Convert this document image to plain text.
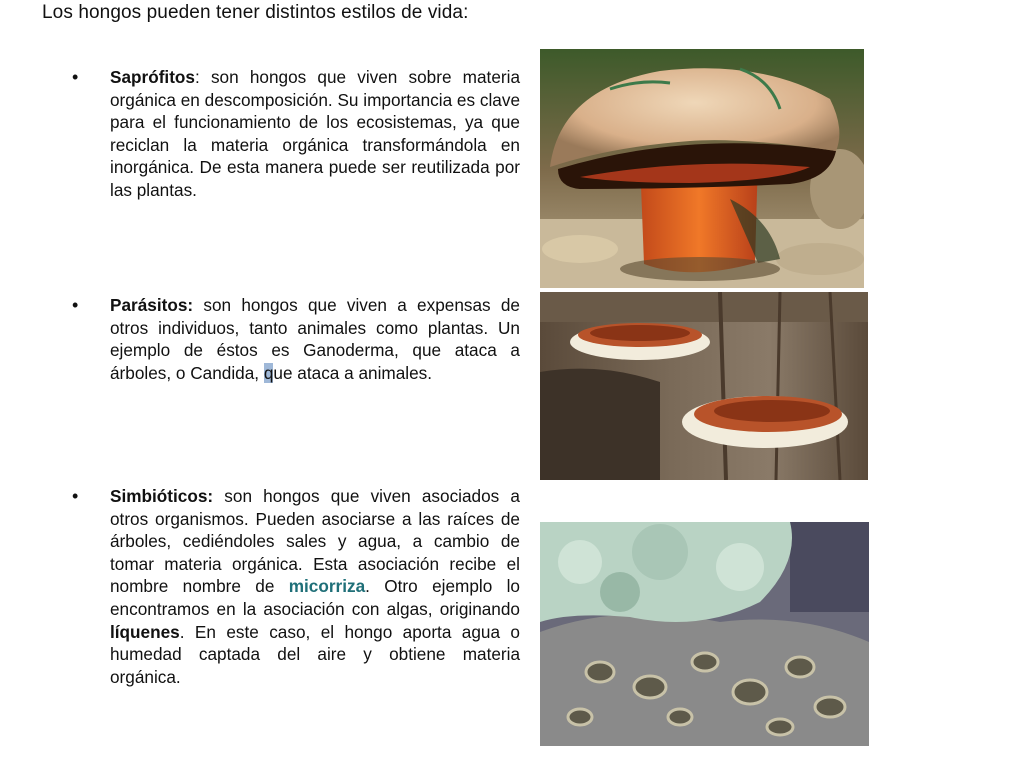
Los hongos pueden tener distintos estilos de vida:
• Saprófitos: son hongos que viven sobre materia orgánica en descomposición. Su importancia es clave para el funcionamiento de los ecosistemas, ya que reciclan la materia orgánica transformándola en inorgánica. De esta manera puede ser reutilizada por las plantas.
• Parásitos: son hongos que viven a expensas de otros individuos, tanto animales como plantas. Un ejemplo de éstos es Ganoderma, que ataca a árboles, o Candida, que ataca a animales.
• Simbióticos: son hongos que viven asociados a otros organismos. Pueden asociarse a las raíces de árboles, cediéndoles sales y agua, a cambio de tomar materia orgánica. Esta asociación recibe el nombre nombre de micorriza. Otro ejemplo lo encontramos en la asociación con algas, originando líquenes. En este caso, el hongo aporta agua o humedad captada del aire y obtiene materia orgánica.
